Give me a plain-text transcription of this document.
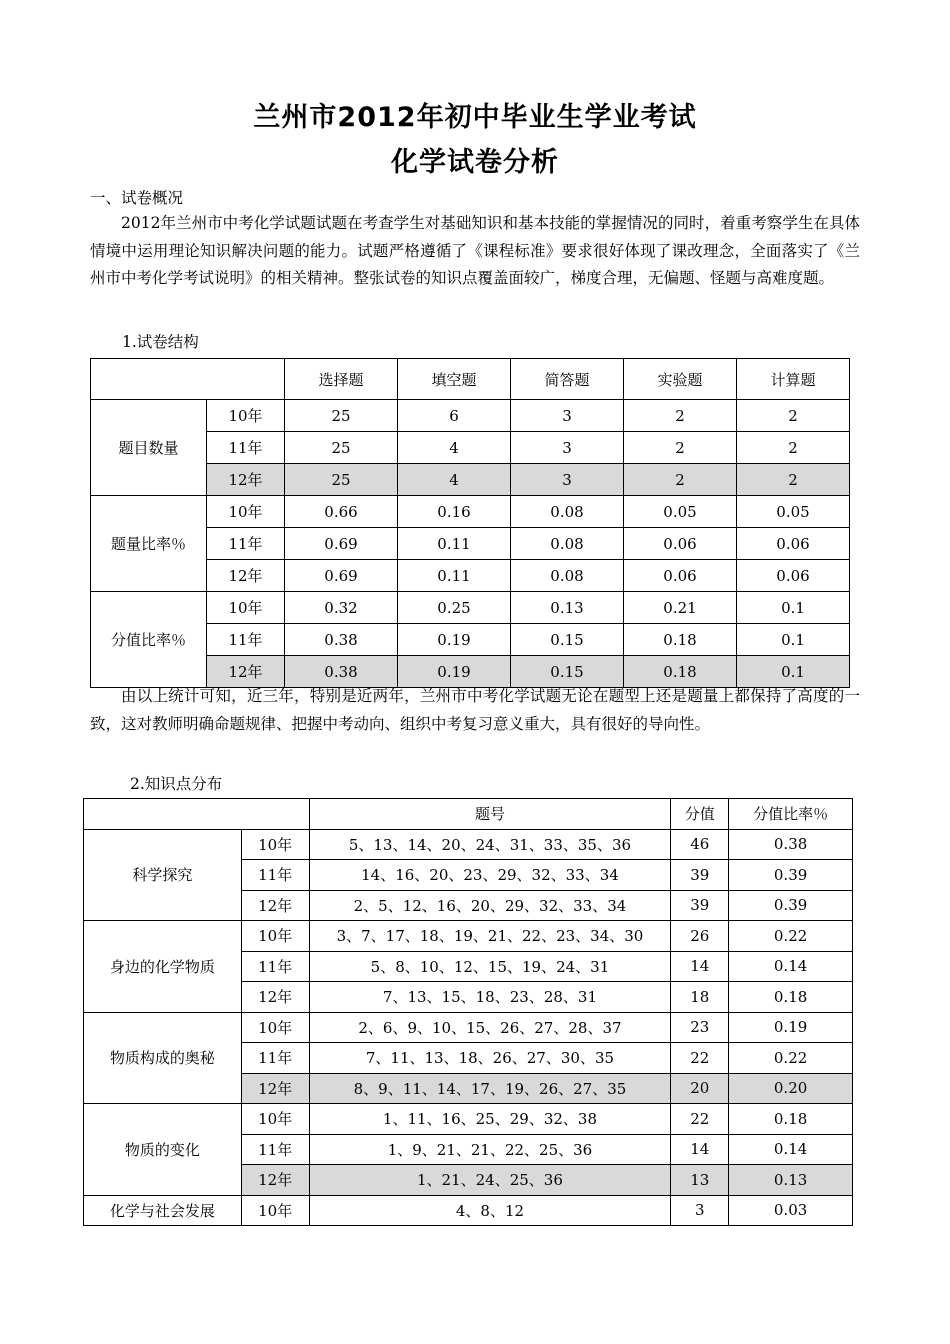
兰州市2012年初中毕业生学业考试
化学试卷分析
一、试卷概况
2012年兰州市中考化学试题试题在考查学生对基础知识和基本技能的掌握情况的同时，着重考察学生在具体情境中运用理论知识解决问题的能力。试题严格遵循了《课程标准》要求很好体现了课改理念，全面落实了《兰州市中考化学考试说明》的相关精神。整张试卷的知识点覆盖面较广，梯度合理，无偏题、怪题与高难度题。
1.试卷结构
		选择题	填空题	简答题	实验题	计算题
题目数量	10年	25	6	3	2	2
	11年	25	4	3	2	2
	12年	25	4	3	2	2
题量比率％	10年	0.66	0.16	0.08	0.05	0.05
	11年	0.69	0.11	0.08	0.06	0.06
	12年	0.69	0.11	0.08	0.06	0.06
分值比率％	10年	0.32	0.25	0.13	0.21	0.1
	11年	0.38	0.19	0.15	0.18	0.1
	12年	0.38	0.19	0.15	0.18	0.1
由以上统计可知，近三年，特别是近两年，兰州市中考化学试题无论在题型上还是题量上都保持了高度的一致，这对教师明确命题规律、把握中考动向、组织中考复习意义重大，具有很好的导向性。
2.知识点分布
		题号	分值	分值比率％
科学探究	10年	5、13、14、20、24、31、33、35、36	46	0.38
	11年	14、16、20、23、29、32、33、34	39	0.39
	12年	2、5、12、16、20、29、32、33、34	39	0.39
身边的化学物质	10年	3、7、17、18、19、21、22、23、34、30	26	0.22
	11年	5、8、10、12、15、19、24、31	14	0.14
	12年	7、13、15、18、23、28、31	18	0.18
物质构成的奥秘	10年	2、6、9、10、15、26、27、28、37	23	0.19
	11年	7、11、13、18、26、27、30、35	22	0.22
	12年	8、9、11、14、17、19、26、27、35	20	0.20
物质的变化	10年	1、11、16、25、29、32、38	22	0.18
	11年	1、9、21、21、22、25、36	14	0.14
	12年	1、21、24、25、36	13	0.13
化学与社会发展	10年	4、8、12	3	0.03
